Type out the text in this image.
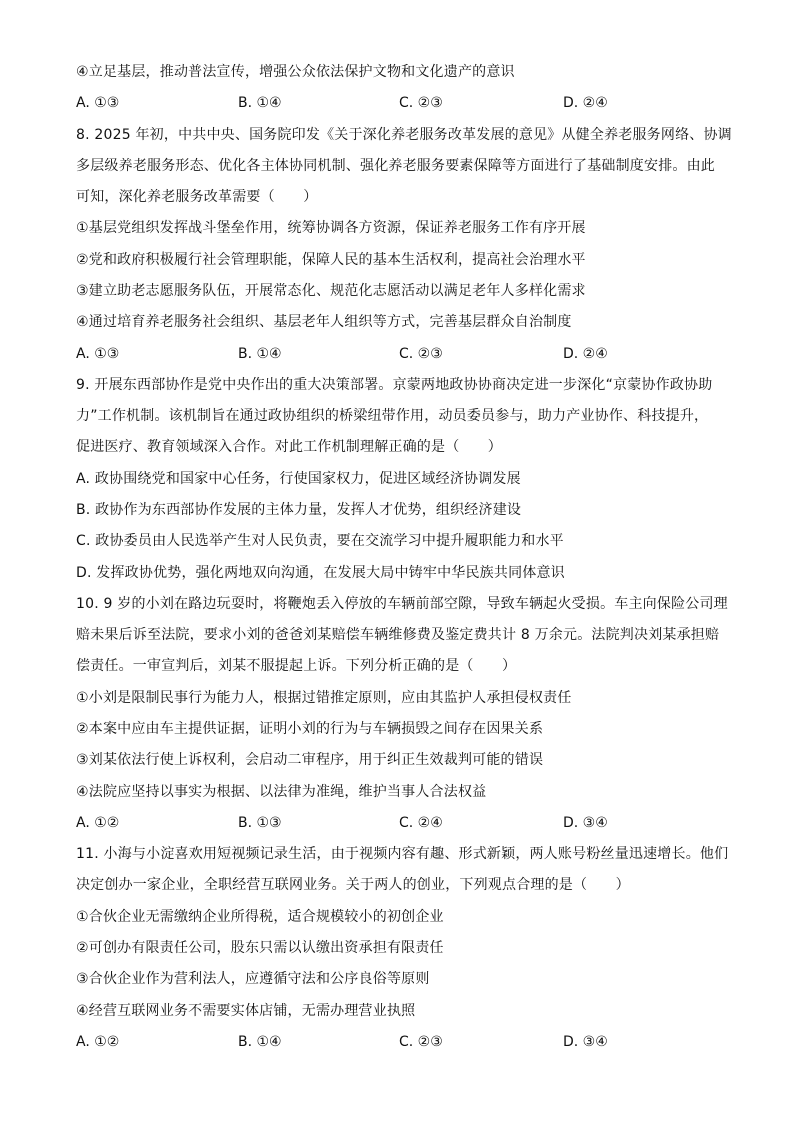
④立足基层，推动普法宣传，增强公众依法保护文物和文化遗产的意识
A. ①③	B. ①④	C. ②③	D. ②④
8. 2025 年初，中共中央、国务院印发《关于深化养老服务改革发展的意见》从健全养老服务网络、协调
多层级养老服务形态、优化各主体协同机制、强化养老服务要素保障等方面进行了基础制度安排。由此
可知，深化养老服务改革需要（　　）
①基层党组织发挥战斗堡垒作用，统筹协调各方资源，保证养老服务工作有序开展
②党和政府积极履行社会管理职能，保障人民的基本生活权利，提高社会治理水平
③建立助老志愿服务队伍，开展常态化、规范化志愿活动以满足老年人多样化需求
④通过培育养老服务社会组织、基层老年人组织等方式，完善基层群众自治制度
A. ①③	B. ①④	C. ②③	D. ②④
9. 开展东西部协作是党中央作出的重大决策部署。京蒙两地政协协商决定进一步深化“京蒙协作政协助
力”工作机制。该机制旨在通过政协组织的桥梁纽带作用，动员委员参与，助力产业协作、科技提升，
促进医疗、教育领域深入合作。对此工作机制理解正确的是（　　）
A. 政协围绕党和国家中心任务，行使国家权力，促进区域经济协调发展
B. 政协作为东西部协作发展的主体力量，发挥人才优势，组织经济建设
C. 政协委员由人民选举产生对人民负责，要在交流学习中提升履职能力和水平
D. 发挥政协优势，强化两地双向沟通，在发展大局中铸牢中华民族共同体意识
10. 9 岁的小刘在路边玩耍时，将鞭炮丢入停放的车辆前部空隙，导致车辆起火受损。车主向保险公司理
赔未果后诉至法院，要求小刘的爸爸刘某赔偿车辆维修费及鉴定费共计 8 万余元。法院判决刘某承担赔
偿责任。一审宣判后，刘某不服提起上诉。下列分析正确的是（　　）
①小刘是限制民事行为能力人，根据过错推定原则，应由其监护人承担侵权责任
②本案中应由车主提供证据，证明小刘的行为与车辆损毁之间存在因果关系
③刘某依法行使上诉权利，会启动二审程序，用于纠正生效裁判可能的错误
④法院应坚持以事实为根据、以法律为准绳，维护当事人合法权益
A. ①②	B. ①③	C. ②④	D. ③④
11. 小海与小淀喜欢用短视频记录生活，由于视频内容有趣、形式新颖，两人账号粉丝量迅速增长。他们
决定创办一家企业，全职经营互联网业务。关于两人的创业，下列观点合理的是（　　）
①合伙企业无需缴纳企业所得税，适合规模较小的初创企业
②可创办有限责任公司，股东只需以认缴出资承担有限责任
③合伙企业作为营利法人，应遵循守法和公序良俗等原则
④经营互联网业务不需要实体店铺，无需办理营业执照
A. ①②	B. ①④	C. ②③	D. ③④
